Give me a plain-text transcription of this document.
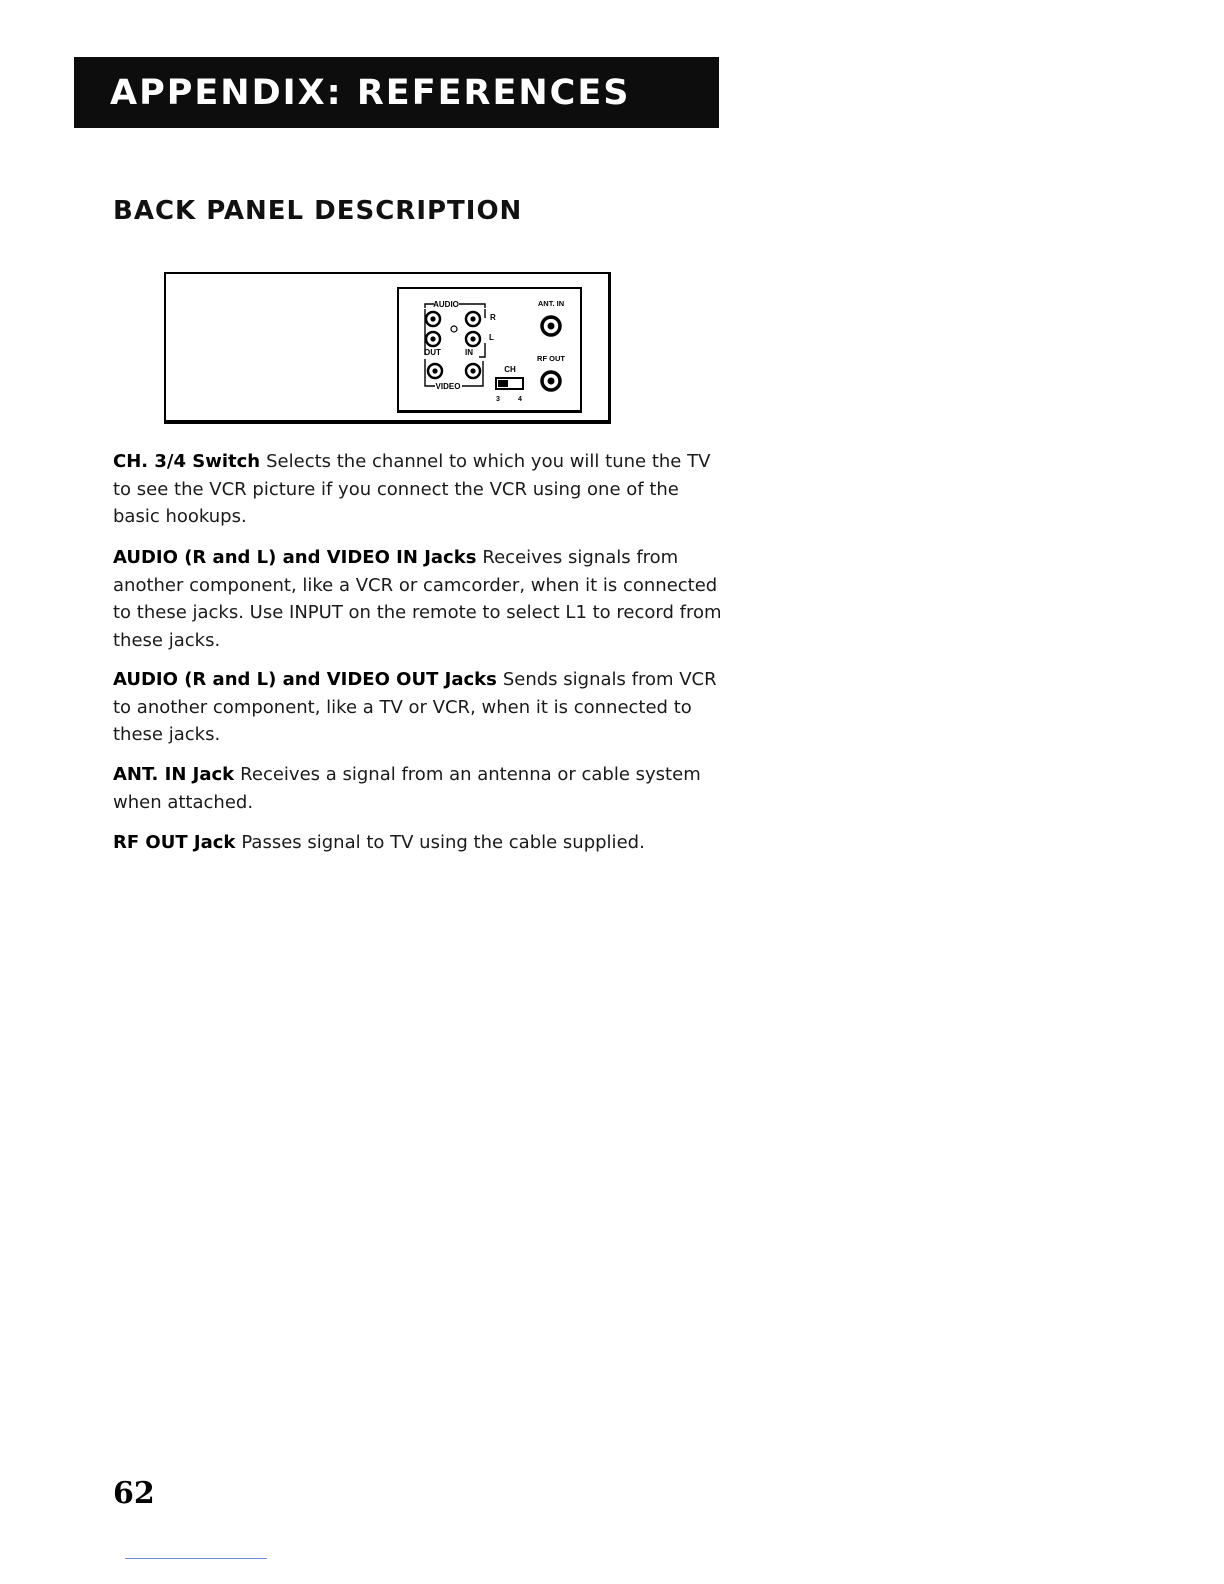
APPENDIX: REFERENCES
BACK PANEL DESCRIPTION
AUDIO
R
L
OUT	IN
VIDEO
CH
3	4
ANT. IN
RF OUT

CH. 3/4 Switch Selects the channel to which you will tune the TV to see the VCR picture if you connect the VCR using one of the basic hookups.

AUDIO (R and L) and VIDEO IN Jacks Receives signals from another component, like a VCR or camcorder, when it is connected to these jacks. Use INPUT on the remote to select L1 to record from these jacks.

AUDIO (R and L) and VIDEO OUT Jacks Sends signals from VCR to another component, like a TV or VCR, when it is connected to these jacks.

ANT. IN Jack Receives a signal from an antenna or cable system when attached.

RF OUT Jack Passes signal to TV using the cable supplied.

62
